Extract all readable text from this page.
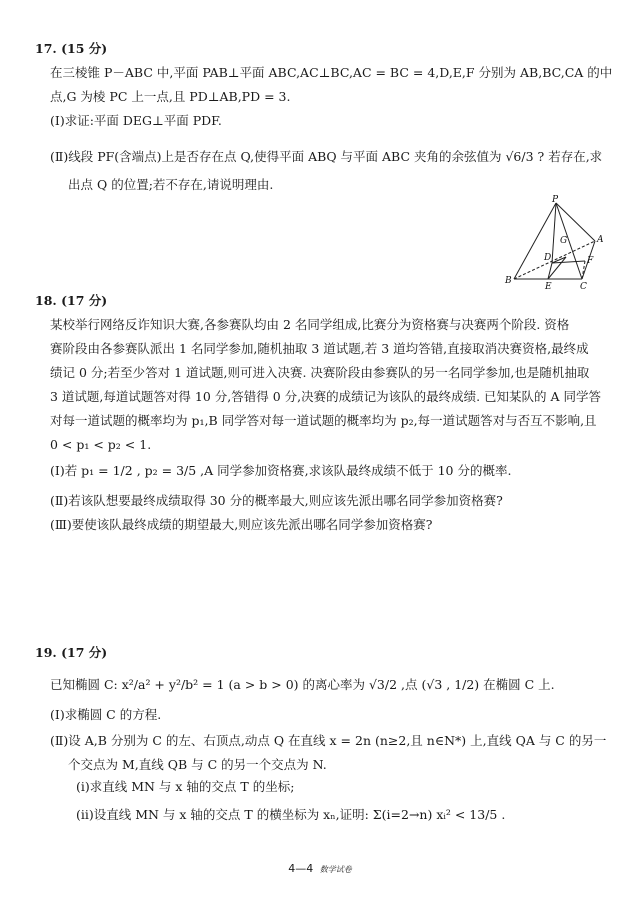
17. (15 分)
在三棱锥 P－ABC 中,平面 PAB⊥平面 ABC,AC⊥BC,AC = BC = 4,D,E,F 分别为 AB,BC,CA 的中
点,G 为棱 PC 上一点,且 PD⊥AB,PD = 3.
(Ⅰ)求证:平面 DEG⊥平面 PDF.
(Ⅱ)线段 PF(含端点)上是否存在点 Q,使得平面 ABQ 与平面 ABC 夹角的余弦值为 √6/3 ? 若存在,求
出点 Q 的位置;若不存在,请说明理由.
P
G	A
D	F
B
E	C
18. (17 分)
某校举行网络反诈知识大赛,各参赛队均由 2 名同学组成,比赛分为资格赛与决赛两个阶段. 资格
赛阶段由各参赛队派出 1 名同学参加,随机抽取 3 道试题,若 3 道均答错,直接取消决赛资格,最终成
绩记 0 分;若至少答对 1 道试题,则可进入决赛. 决赛阶段由参赛队的另一名同学参加,也是随机抽取
3 道试题,每道试题答对得 10 分,答错得 0 分,决赛的成绩记为该队的最终成绩. 已知某队的 A 同学答
对每一道试题的概率均为 p₁,B 同学答对每一道试题的概率均为 p₂,每一道试题答对与否互不影响,且
0 < p₁ < p₂ < 1.
(Ⅰ)若 p₁ = 1/2 , p₂ = 3/5 ,A 同学参加资格赛,求该队最终成绩不低于 10 分的概率.
(Ⅱ)若该队想要最终成绩取得 30 分的概率最大,则应该先派出哪名同学参加资格赛?
(Ⅲ)要使该队最终成绩的期望最大,则应该先派出哪名同学参加资格赛?
19. (17 分)
已知椭圆 C: x²/a² + y²/b² = 1 (a > b > 0) 的离心率为 √3/2 ,点 (√3 , 1/2) 在椭圆 C 上.
(Ⅰ)求椭圆 C 的方程.
(Ⅱ)设 A,B 分别为 C 的左、右顶点,动点 Q 在直线 x = 2n (n≥2,且 n∈N*) 上,直线 QA 与 C 的另一
个交点为 M,直线 QB 与 C 的另一个交点为 N.
(ⅰ)求直线 MN 与 x 轴的交点 T 的坐标;
(ⅱ)设直线 MN 与 x 轴的交点 T 的横坐标为 xₙ,证明: Σ(i=2→n) xᵢ² < 13/5 .
4—4 数学试卷
